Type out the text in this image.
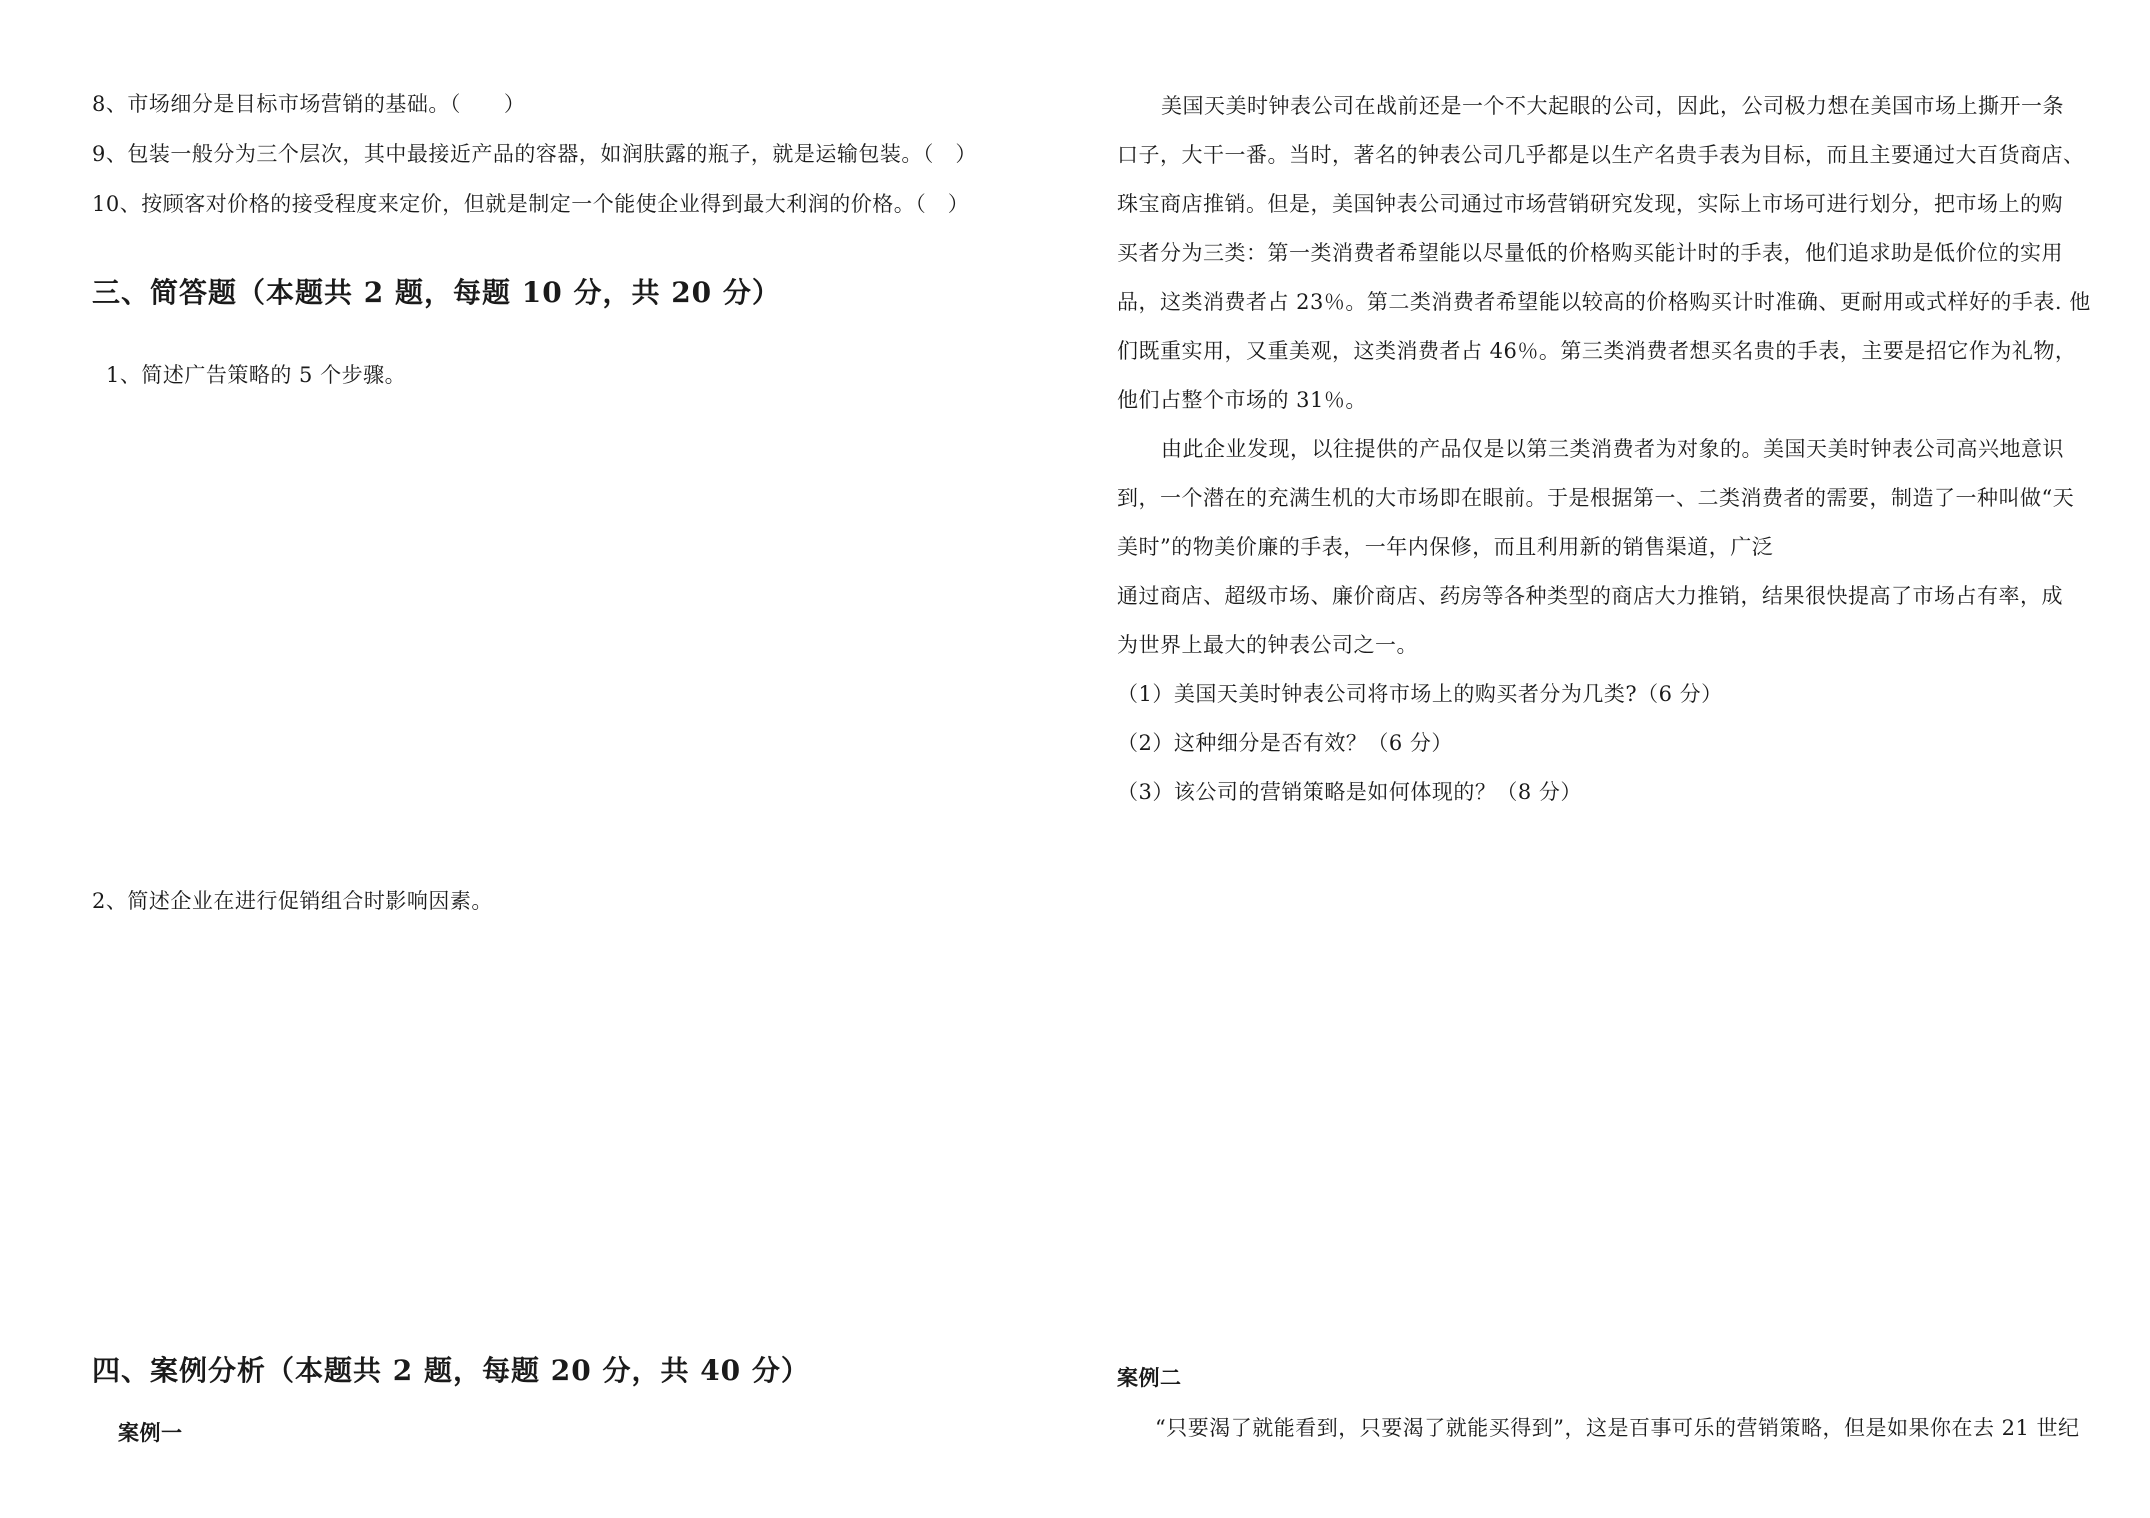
8、市场细分是目标市场营销的基础。（　　）
9、包装一般分为三个层次，其中最接近产品的容器，如润肤露的瓶子，就是运输包装。（　）
10、按顾客对价格的接受程度来定价，但就是制定一个能使企业得到最大利润的价格。（　）
三、简答题（本题共 2 题，每题 10 分，共 20 分）
1、简述广告策略的 5 个步骤。
2、简述企业在进行促销组合时影响因素。
四、案例分析（本题共 2 题，每题 20 分，共 40 分）
案例一
美国天美时钟表公司在战前还是一个不大起眼的公司，因此，公司极力想在美国市场上撕开一条
口子，大干一番。当时，著名的钟表公司几乎都是以生产名贵手表为目标，而且主要通过大百货商店、
珠宝商店推销。但是，美国钟表公司通过市场营销研究发现，实际上市场可进行划分，把市场上的购
买者分为三类：第一类消费者希望能以尽量低的价格购买能计时的手表，他们追求助是低价位的实用
品，这类消费者占 23％。第二类消费者希望能以较高的价格购买计时准确、更耐用或式样好的手表. 他
们既重实用，又重美观，这类消费者占 46％。第三类消费者想买名贵的手表，主要是招它作为礼物，
他们占整个市场的 31％。
由此企业发现，以往提供的产品仅是以第三类消费者为对象的。美国天美时钟表公司高兴地意识
到，一个潜在的充满生机的大市场即在眼前。于是根据第一、二类消费者的需要，制造了一种叫做“天
美时”的物美价廉的手表，一年内保修，而且利用新的销售渠道，广泛
通过商店、超级市场、廉价商店、药房等各种类型的商店大力推销，结果很快提高了市场占有率，成
为世界上最大的钟表公司之一。
（1）美国天美时钟表公司将市场上的购买者分为几类?（6 分）
（2）这种细分是否有效？（6 分）
（3）该公司的营销策略是如何体现的？（8 分）
案例二
“只要渴了就能看到，只要渴了就能买得到”，这是百事可乐的营销策略，但是如果你在去 21 世纪
